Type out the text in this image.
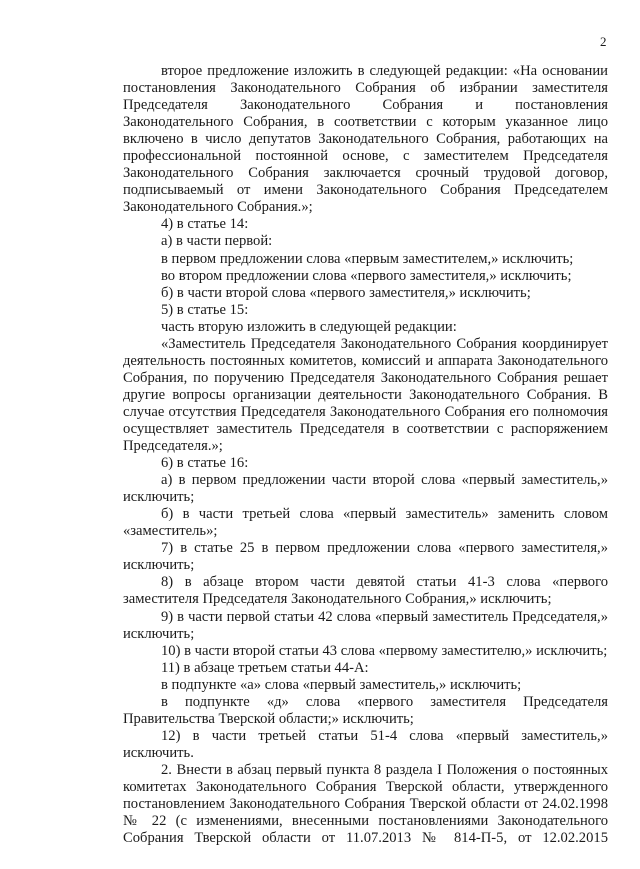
2

второе предложение изложить в следующей редакции: «На основании постановления Законодательного Собрания об избрании заместителя Председателя Законодательного Собрания и постановления Законодательного Собрания, в соответствии с которым указанное лицо включено в число депутатов Законодательного Собрания, работающих на профессиональной постоянной основе, с заместителем Председателя Законодательного Собрания заключается срочный трудовой договор, подписываемый от имени Законодательного Собрания Председателем Законодательного Собрания.»;

4) в статье 14:

а) в части первой:

в первом предложении слова «первым заместителем,» исключить;

во втором предложении слова «первого заместителя,» исключить;

б) в части второй слова «первого заместителя,» исключить;

5) в статье 15:

часть вторую изложить в следующей редакции:

«Заместитель Председателя Законодательного Собрания координирует деятельность постоянных комитетов, комиссий и аппарата Законодательного Собрания, по поручению Председателя Законодательного Собрания решает другие вопросы организации деятельности Законодательного Собрания. В случае отсутствия Председателя Законодательного Собрания его полномочия осуществляет заместитель Председателя в соответствии с распоряжением Председателя.»;

6) в статье 16:

а) в первом предложении части второй слова «первый заместитель,» исключить;

б) в части третьей слова «первый заместитель» заменить словом «заместитель»;

7) в статье 25 в первом предложении слова «первого заместителя,» исключить;

8) в абзаце втором части девятой статьи 41-3 слова «первого заместителя Председателя Законодательного Собрания,» исключить;

9) в части первой статьи 42 слова «первый заместитель Председателя,» исключить;

10) в части второй статьи 43 слова «первому заместителю,» исключить;

11) в абзаце третьем статьи 44-А:

в подпункте «а» слова «первый заместитель,» исключить;

в подпункте «д» слова «первого заместителя Председателя Правительства Тверской области;» исключить;

12) в части третьей статьи 51-4 слова «первый заместитель,» исключить.

2. Внести в абзац первый пункта 8 раздела I Положения о постоянных комитетах Законодательного Собрания Тверской области, утвержденного постановлением Законодательного Собрания Тверской области от 24.02.1998 № 22 (с изменениями, внесенными постановлениями Законодательного Собрания Тверской области от 11.07.2013 № 814-П-5, от 12.02.2015
